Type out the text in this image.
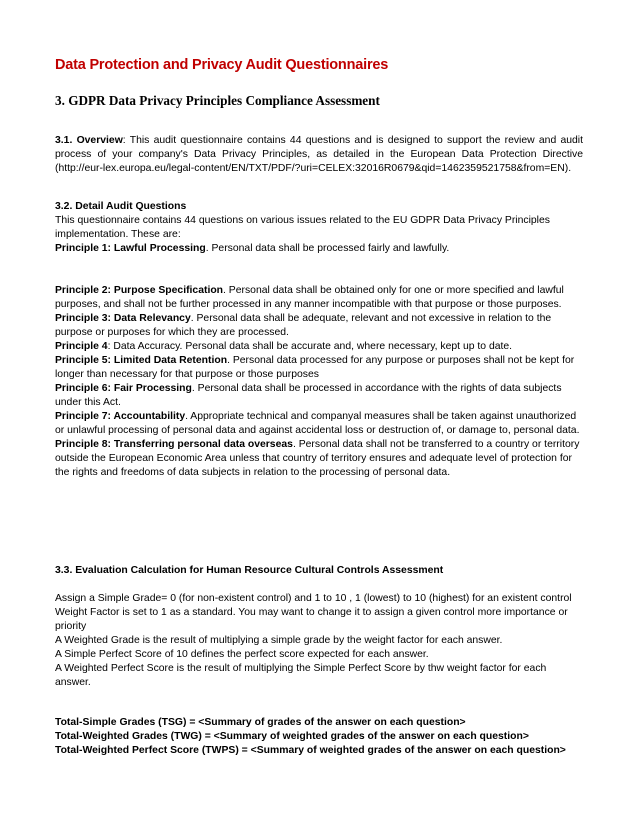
Data Protection and Privacy Audit Questionnaires
3. GDPR Data Privacy Principles Compliance Assessment

3.1. Overview: This audit questionnaire contains 44 questions and is designed to support the review and audit process of your company's Data Privacy Principles, as detailed in the European Data Protection Directive (http://eur-lex.europa.eu/legal-content/EN/TXT/PDF/?uri=CELEX:32016R0679&qid=1462359521758&from=EN).

3.2. Detail Audit Questions

This questionnaire contains 44 questions on various issues related to the EU GDPR Data Privacy Principles implementation. These are:

Principle 1: Lawful Processing. Personal data shall be processed fairly and lawfully.

Principle 2: Purpose Specification. Personal data shall be obtained only for one or more specified and lawful purposes, and shall not be further processed in any manner incompatible with that purpose or those purposes.

Principle 3: Data Relevancy. Personal data shall be adequate, relevant and not excessive in relation to the purpose or purposes for which they are processed.

Principle 4: Data Accuracy. Personal data shall be accurate and, where necessary, kept up to date.

Principle 5: Limited Data Retention. Personal data processed for any purpose or purposes shall not be kept for longer than necessary for that purpose or those purposes

Principle 6: Fair Processing. Personal data shall be processed in accordance with the rights of data subjects under this Act.

Principle 7: Accountability. Appropriate technical and companyal measures shall be taken against unauthorized or unlawful processing of personal data and against accidental loss or destruction of, or damage to, personal data.

Principle 8: Transferring personal data overseas. Personal data shall not be transferred to a country or territory outside the European Economic Area unless that country of territory ensures and adequate level of protection for the rights and freedoms of data subjects in relation to the processing of personal data.

3.3. Evaluation Calculation for Human Resource Cultural Controls Assessment

Assign a Simple Grade= 0 (for non-existent control) and 1 to 10 , 1 (lowest) to 10 (highest) for an existent control

Weight Factor is set to 1 as a standard. You may want to change it to assign a given control more importance or priority

A Weighted Grade is the result of multiplying a simple grade by the weight factor for each answer.

A Simple Perfect Score of 10 defines the perfect score expected for each answer.

A Weighted Perfect Score is the result of multiplying the Simple Perfect Score by thw weight factor for each answer.

Total-Simple Grades (TSG) = <Summary of grades of the answer on each question>

Total-Weighted Grades (TWG) = <Summary of weighted grades of the answer on each question>

Total-Weighted Perfect Score (TWPS) = <Summary of weighted grades of the answer on each question>
